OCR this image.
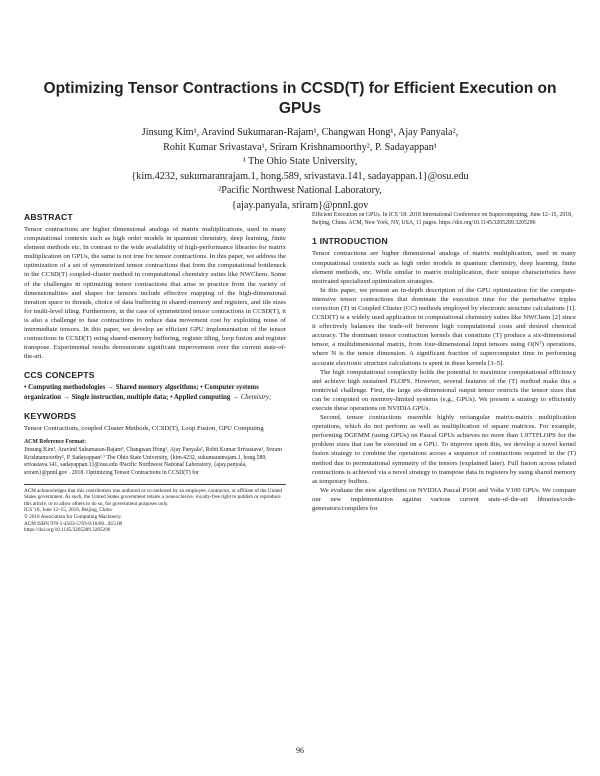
Optimizing Tensor Contractions in CCSD(T) for Efficient Execution on GPUs
Jinsung Kim¹, Aravind Sukumaran-Rajam¹, Changwan Hong¹, Ajay Panyala²,
Rohit Kumar Srivastava¹, Sriram Krishnamoorthy², P. Sadayappan¹
¹ The Ohio State University,
{kim.4232, sukumaranrajam.1, hong.589, srivastava.141, sadayappan.1}@osu.edu
²Pacific Northwest National Laboratory,
{ajay.panyala, sriram}@pnnl.gov
ABSTRACT

Tensor contractions are higher dimensional analogs of matrix multiplications, used in many computational contexts such as high order models in quantum chemistry, deep learning, finite element methods etc. In contrast to the wide availability of high-performance libraries for matrix multiplication on GPUs, the same is not true for tensor contractions. In this paper, we address the optimization of a set of symmetrized tensor contractions that form the computational bottleneck in the CCSD(T) coupled-cluster method in computational chemistry suites like NWChem. Some of the challenges in optimizing tensor contractions that arise in practice from the variety of dimensionalities and shapes for tensors include effective mapping of the high-dimensional iteration space to threads, choice of data buffering in shared-memory and registers, and tile sizes for multi-level tiling. Furthermore, in the case of symmetrized tensor contractions in CCSD(T), it is also a challenge to fuse contractions to reduce data movement cost by exploiting reuse of intermediate tensors. In this paper, we develop an efficient GPU implementation of the tensor contractions in CCSD(T) using shared-memory buffering, register tiling, loop fusion and register transpose. Experimental results demonstrate significant improvement over the current state-of-the-art.

CCS CONCEPTS

• Computing methodologies → Shared memory algorithms; • Computer systems organization → Single instruction, multiple data; • Applied computing → Chemistry;

KEYWORDS

Tensor Contractions, coupled Cluster Methods, CCSD(T), Loop Fusion, GPU Computing

ACM Reference Format:

Jinsung Kim¹, Aravind Sukumaran-Rajam¹, Changwan Hong¹, Ajay Panyala², Rohit Kumar Srivastava¹, Sriram Krishnamoorthy², P. Sadayappan¹ ¹ The Ohio State University, {kim.4232, sukumaranrajam.1, hong.589, srivastava.141, sadayappan.1}@osu.edu ²Pacific Northwest National Laboratory, {ajay.panyala, sriram}@pnnl.gov . 2018. Optimizing Tensor Contractions in CCSD(T) for

ACM acknowledges that this contribution was authored or co-authored by an employee, contractor, or affiliate of the United States government. As such, the United States government retains a nonexclusive, royalty-free right to publish or reproduce this article, or to allow others to do so, for government purposes only.

ICS '18, June 12–15, 2018, Beijing, China

© 2018 Association for Computing Machinery.

ACM ISBN 978-1-4503-5783-8/18/06...$15.00

https://doi.org/10.1145/3205289.3205296

Efficient Execution on GPUs. In ICS '18: 2018 International Conference on Supercomputing, June 12–15, 2018, Beijing, China. ACM, New York, NY, USA, 11 pages. https://doi.org/10.1145/3205289.3205296

1 INTRODUCTION

Tensor contractions are higher dimensional analogs of matrix multiplication, used in many computational contexts such as high order models in quantum chemistry, deep learning, finite element methods, etc. While similar to matrix multiplication, their unique characteristics have motivated specialized optimization strategies.

In this paper, we present an in-depth description of the GPU optimization for the compute-intensive tensor contractions that dominate the execution time for the perturbative triples correction (T) in Coupled Cluster (CC) methods employed by electronic structure calculations [1]. CCSD(T) is a widely used application in computational chemistry suites like NWChem [2] since it effectively balances the trade-off between high computational costs and desired chemical accuracy. The dominant tensor contraction kernels that constitute (T) produce a six-dimensional tensor, a multidimensional matrix, from four-dimensional input tensors using O(N⁷) operations, where N is the tensor dimension. A significant fraction of supercomputer time in performing accurate electronic structure calculations is spent in these kernels [3–5].

The high computational complexity holds the potential to maximize computational efficiency and achieve high sustained FLOPS. However, several features of the (T) method make this a nontrivial challenge. First, the large six-dimensional output tensor restricts the tensor sizes that can be computed on memory-limited systems (e.g., GPUs). We present a strategy to efficiently execute these operations on NVIDIA GPUs.

Second, tensor contractions resemble highly rectangular matrix-matrix multiplication operations, which do not perform as well as multiplication of square matrices. For example, performing DGEMM (using GPUs) on Pascal GPUs achieves no more than 1.97TFLOPS for the problem sizes that can be executed on a GPU. To improve upon this, we develop a novel kernel fusion strategy to combine the operations across a sequence of contractions required in the (T) method due to permutational symmetry of the tensors (explained later). Full fusion across related contractions is achieved via a novel strategy to transpose data in registers by using shared memory as temporary buffers.

We evaluate the new algorithms on NVIDIA Pascal P100 and Volta V100 GPUs. We compare our new implementation against various current state-of-the-art libraries/code-generators/compilers for

96
